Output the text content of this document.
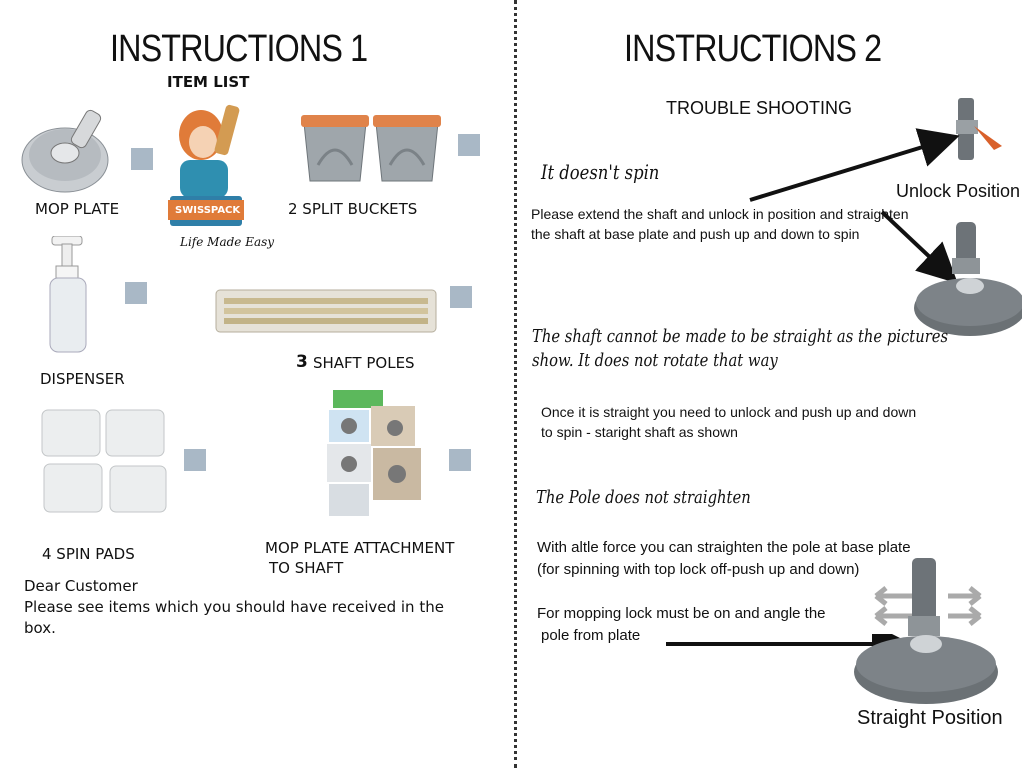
INSTRUCTIONS 1
ITEM LIST
MOP PLATE	SWISSPACK
Life Made Easy
2 SPLIT BUCKETS
DISPENSER
3 SHAFT POLES
4 SPIN PADS	MOP PLATE ATTACHMENT
TO SHAFT
Dear Customer
Please see items which you should have received in the
box.
INSTRUCTIONS 2
TROUBLE SHOOTING
It doesn't spin
Please extend the shaft and unlock in position and straighten
the shaft at base plate and push up and down to spin
Unlock Position
The shaft cannot be made to be straight as the pictures
show. It does not rotate that way
Once it is straight you need to unlock and push up and down
to spin - staright shaft as shown
The Pole does not straighten
With altle force you can straighten the pole at base plate
(for spinning with top lock off-push up and down)
For mopping lock must be on and angle the
pole from plate
Straight Position
